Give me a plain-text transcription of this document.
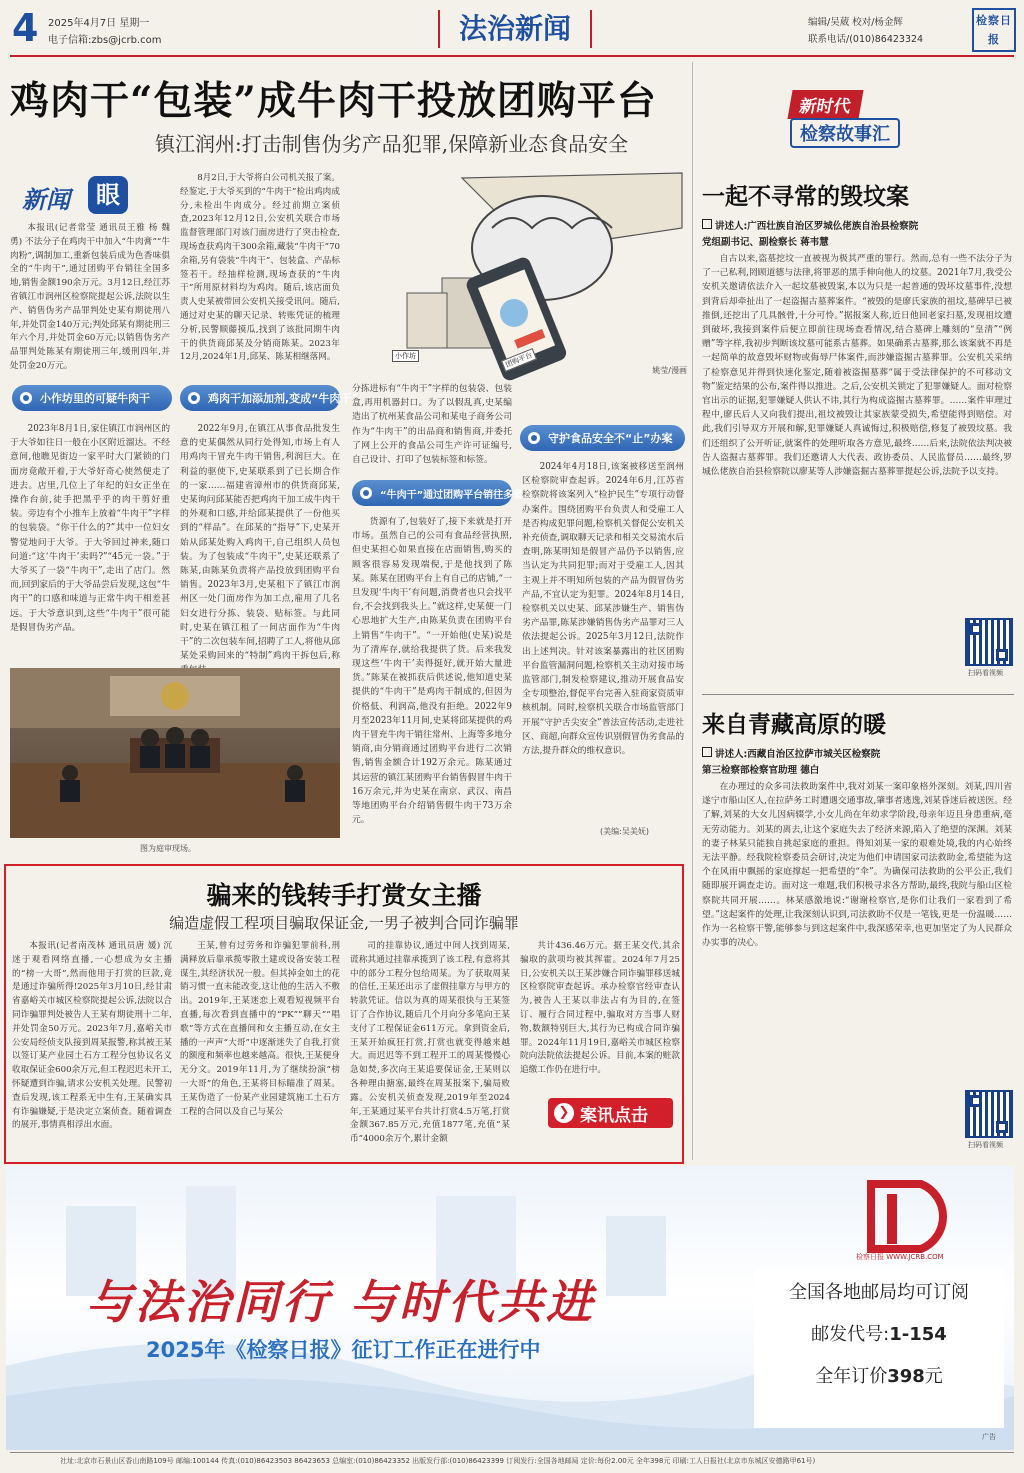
4 2025年4月7日 星期一
电子信箱:zbs@jcrb.com	法治新闻	编辑/吴葳 校对/杨金辉
联系电话/(010)86423324
检察日报
鸡肉干“包装”成牛肉干投放团购平台
镇江润州:打击制售伪劣产品犯罪,保障新业态食品安全
新闻	眼
本报讯(记者常莹 通讯员王雅 杨 魏勇) 不法分子在鸡肉干中加入“牛肉膏”“牛肉粉”,调制加工,重新包装后成为色香味俱全的“牛肉干”,通过团购平台销往全国多地,销售金额190余万元。3月12日,经江苏省镇江市润州区检察院提起公诉,法院以生产、销售伪劣产品罪判处史某有期徒刑八年,并处罚金140万元;判处邱某有期徒刑三年六个月,并处罚金60万元;以销售伪劣产品罪判处陈某有期徒刑三年,缓刑四年,并处罚金20万元。
8月2日,于大爷将白公司机关报了案。经鉴定,于大爷买到的“牛肉干”检出鸡肉成分,未检出牛肉成分。经过前期立案侦查,2023年12月12日,公安机关联合市场监督管理部门对该门面房进行了突击检查,现场查获鸡肉干300余箱,藏装“牛肉干”70余箱,另有袋装“牛肉干”、包装盒、产品标签若干。经抽样检测,现场查获的“牛肉干”所用原材料均为鸡肉。随后,该店面负责人史某被带回公安机关接受讯问。随后,通过对史某的聊天记录、转账凭证的梳理分析,民警顺藤摸瓜,找到了该批同期牛肉干的供货商邱某及分销商陈某。2023年12月,2024年1月,邱某、陈某相继落网。	小作坊	团购平台
姚莹/漫画
小作坊里的可疑牛肉干	鸡肉干加添加剂,变成“牛肉干”
守护食品安全不“止”办案
“牛肉干”通过团购平台销往多省市
2023年8月1日,家住镇江市润州区的于大爷如往日一般在小区附近溜达。不经意间,他瞧见街边一家平时大门紧锁的门面房竟敞开着,于大爷好奇心使然便走了进去。店里,几位上了年纪的妇女正坐在操作台前,徒手把黑乎乎的肉干剪好重装。旁边有个小推车上放着“牛肉干”字样的包装袋。“你干什么的?”其中一位妇女警觉地问于大爷。于大爷回过神来,随口问道:“这‘牛肉干’卖吗?”“45元一袋。”于大爷买了一袋“牛肉干”,走出了店门。然而,回到家后的于大爷品尝后发现,这包“牛肉干”的口感和味道与正常牛肉干相差甚远。于大爷意识到,这些“牛肉干”很可能是假冒伪劣产品。
2022年9月,在镇江从事食品批发生意的史某偶然从同行处得知,市场上有人用鸡肉干冒充牛肉干销售,利润巨大。在利益的驱使下,史某联系到了已长期合作的一家……福建省漳州市的供货商邱某,史某询问邱某能否把鸡肉干加工成牛肉干的外观和口感,并给邱某提供了一份他买到的“样品”。在邱某的“指导”下,史某开始从邱某处购入鸡肉干,自己组织人员包装。为了包装成“牛肉干”,史某还联系了陈某,由陈某负责将产品投放到团购平台销售。2023年3月,史某租下了镇江市润州区一处门面房作为加工点,雇用了几名妇女进行分拣、装袋、贴标签。与此同时,史某在镇江租了一间店面作为“牛肉干”的二次包装车间,招聘了工人,将他从邱某处采购回来的“特制”鸡肉干拆包后,称
分拣进标有“牛肉干”字样的包装袋、包装盒,再用机器封口。为了以假乱真,史某编造出了杭州某食品公司和某电子商务公司作为“牛肉干”的出品商和销售商,并委托了网上公开的食品公司生产许可证编号,自己设计、打印了包装标签和标签。
货源有了,包装好了,接下来就是打开市场。虽然自己的公司有食品经营执照,但史某担心如果直接在店面销售,购买的顾客很容易发现端倪,于是他找到了陈某。陈某在团购平台上有自己的店铺,“一旦发现‘牛肉干’有问题,消费者也只会找平台,不会找到我头上。”就这样,史某便一门心思地扩大生产,由陈某负责在团购平台上销售“牛肉干”。“一开始他(史某)说是为了清库存,就给我提供了货。后来我发现这些‘牛肉干’卖得挺好,就开始大量进货。”陈某在被抓获后供述说,他知道史某提供的“牛肉干”是鸡肉干制成的,但因为价格低、利润高,他没有拒绝。2022年9月至2023年11月间,史某将邱某提供的鸡肉干冒充牛肉干销往常州、上海等多地分销商,由分销商通过团购平台进行二次销售,销售金额合计192万余元。陈某通过其运营的镇江某团购平台销售假冒牛肉干16万余元,并为史某在南京、武汉、南昌等地团购平台介绍销售假牛肉干73万余元。
2024年4月18日,该案被移送至润州区检察院审查起诉。2024年6月,江苏省检察院将该案列入“检护民生”专项行动督办案件。围绕团购平台负责人和受雇工人是否构成犯罪问题,检察机关督促公安机关补充侦查,调取聊天记录和相关交易流水后查明,陈某明知是假冒产品仍予以销售,应当认定为共同犯罪;而对于受雇工人,因其主观上并不明知所包装的产品为假冒伪劣产品,不宜认定为犯罪。2024年8月14日,检察机关以史某、邱某涉嫌生产、销售伪劣产品罪,陈某涉嫌销售伪劣产品罪对三人依法提起公诉。2025年3月12日,法院作出上述判决。针对该案暴露出的社区团购平台监管漏洞问题,检察机关主动对接市场监管部门,制发检察建议,推动开展食品安全专项整治,督促平台完善入驻商家资质审核机制。同时,检察机关联合市场监管部门开展“守护舌尖安全”普法宣传活动,走进社区、商超,向群众宣传识别假冒伪劣食品的方法,提升群众的维权意识。
(美编:吴美妩)
图为庭审现场。
骗来的钱转手打赏女主播
编造虚假工程项目骗取保证金,一男子被判合同诈骗罪
本报讯(记者南茂林 通讯员唐 媛) 沉迷于观看网络直播,一心想成为女主播的“榜一大哥”,然而他用于打赏的巨款,竟是通过诈骗所得!2025年3月10日,经甘肃省嘉峪关市城区检察院提起公诉,法院以合同诈骗罪判处被告人王某有期徒刑十二年,并处罚金50万元。2023年7月,嘉峪关市公安局经侦支队接到周某报警,称其被王某以签订某产业园土石方工程分包协议名义收取保证金600余万元,但工程迟迟未开工,怀疑遭到诈骗,请求公安机关处理。民警初查后发现,该工程系无中生有,王某确实具有诈骗嫌疑,于是决定立案侦查。随着调查的展开,事情真相浮出水面。
王某,曾有过劳务和诈骗犯罪前科,刑满释放后靠承揽零散土建或设备安装工程谋生,其经济状况一般。但其掉金如土的花销习惯一直未能改变,这让他的生活入不敷出。2019年,王某迷恋上观看短视频平台直播,每次看到直播中的“PK”“聊天”“唱歌”等方式在直播间和女主播互动,在女主播的一声声“大哥”中逐渐迷失了自我,打赏的额度和频率也越来越高。很快,王某便身无分文。2019年11月,为了继续扮演“榜一大哥”的角色,王某将目标瞄准了周某。王某伪造了一份某产业园建筑施工土石方工程的合同以及自己与某公
司的挂靠协议,通过中间人找到周某,谎称其通过挂靠承揽到了该工程,有意将其中的部分工程分包给周某。为了获取周某的信任,王某还出示了虚假挂靠方与甲方的转款凭证。信以为真的周某很快与王某签订了合作协议,随后几个月向分多笔向王某支付了工程保证金611万元。拿到资金后,王某开始疯狂打赏,打赏也就变得越来越大。而迟迟等不到工程开工的周某慢慢心急如焚,多次向王某追要保证金,王某则以各种理由搪塞,最终在周某报案下,骗局败露。公安机关侦查发现,2019年至2024年,王某通过某平台共计打赏4.5万笔,打赏金额367.85万元,充值1877笔,充值“某币”4000余万个,累计金额
共计436.46万元。据王某交代,其余骗取的款项均被其挥霍。2024年7月25日,公安机关以王某涉嫌合同诈骗罪移送城区检察院审查起诉。承办检察官经审查认为,被告人王某以非法占有为目的,在签订、履行合同过程中,骗取对方当事人财物,数额特别巨大,其行为已构成合同诈骗罪。2024年11月19日,嘉峪关市城区检察院向法院依法提起公诉。目前,本案的赃款追缴工作仍在进行中。
❯ 案讯点击
新时代
检察故事汇
一起不寻常的毁坟案
讲述人:广西壮族自治区罗城仫佬族自治县检察院
党组副书记、副检察长 蒋韦慧
自古以来,盗墓挖坟一直被视为极其严重的罪行。然而,总有一些不法分子为了一己私利,罔顾道德与法律,将罪恶的黑手伸向他人的坟墓。2021年7月,我受公安机关邀请依法介入一起坟墓被毁案,本以为只是一起普通的毁坏坟墓事件,没想到背后却牵扯出了一起盗掘古墓葬案件。“被毁的是廖氏家族的祖坟,墓碑早已被推倒,还挖出了几具骸骨,十分可怜。”据报案人称,近日他回老家扫墓,发现祖坟遭到破坏,我接到案件后便立即前往现场查看情况,结合墓碑上雕刻的“皇清”“例赠”等字样,我初步判断该坟墓可能系古墓葬。如果确系古墓葬,那么该案就不再是一起简单的故意毁坏财物或侮辱尸体案件,而涉嫌盗掘古墓葬罪。公安机关采纳了检察意见并得到快速化鉴定,随着被盗掘墓葬“属于受法律保护的不可移动文物”鉴定结果的公布,案件得以推进。之后,公安机关锁定了犯罪嫌疑人。面对检察官出示的证据,犯罪嫌疑人供认不讳,其行为构成盗掘古墓葬罪。……案件审理过程中,廖氏后人又向我们提出,祖坟被毁让其家族蒙受损失,希望能得到赔偿。对此,我们引导双方开展和解,犯罪嫌疑人真诚悔过,积极赔偿,修复了被毁坟墓。我们还组织了公开听证,就案件的处理听取各方意见,最终……后来,法院依法判决被告人盗掘古墓葬罪。我们还邀请人大代表、政协委员、人民监督员……最终,罗城仫佬族自治县检察院以廖某等人涉嫌盗掘古墓葬罪提起公诉,法院予以支持。
扫码看视频
来自青藏高原的暖
讲述人:西藏自治区拉萨市城关区检察院
第三检察部检察官助理 德白
在办理过的众多司法救助案件中,我对刘某一案印象格外深刻。刘某,四川省遂宁市船山区人,在拉萨务工时遭遇交通事故,肇事者逃逸,刘某昏迷后被送医。经了解,刘某的大女儿因病辍学,小女儿尚在年幼求学阶段,母亲年迈且身患重病,毫无劳动能力。刘某的离去,让这个家庭失去了经济来源,陷入了绝望的深渊。刘某的妻子林某只能独自挑起家庭的重担。得知刘某一家的艰难处境,我的内心始终无法平静。经我院检察委员会研讨,决定为他们申请国家司法救助金,希望能为这个在风雨中飘摇的家庭撑起一把希望的“伞”。为确保司法救助的公平公正,我们随即展开调查走访。面对这一难题,我们积极寻求各方帮助,最终,我院与船山区检察院共同开展……。林某感激地说:“谢谢检察官,是你们让我们一家看到了希望。”这起案件的处理,让我深刻认识到,司法救助不仅是一笔钱,更是一份温暖……作为一名检察干警,能够参与到这起案件中,我深感荣幸,也更加坚定了为人民群众办实事的决心。
扫码看视频
与法治同行 与时代共进
2025年《检察日报》征订工作正在进行中
检察日报 WWW.JCRB.COM
全国各地邮局均可订阅
邮发代号:1-154
全年订价398元
广告
社址:北京市石景山区香山南路109号 邮编:100144 传真:(010)86423503 86423653 总编室:(010)86423352 出版发行部:(010)86423399 订阅发行:全国各地邮局 定价:每份2.00元 全年398元 印刷:工人日报社(北京市东城区安德路甲61号)
